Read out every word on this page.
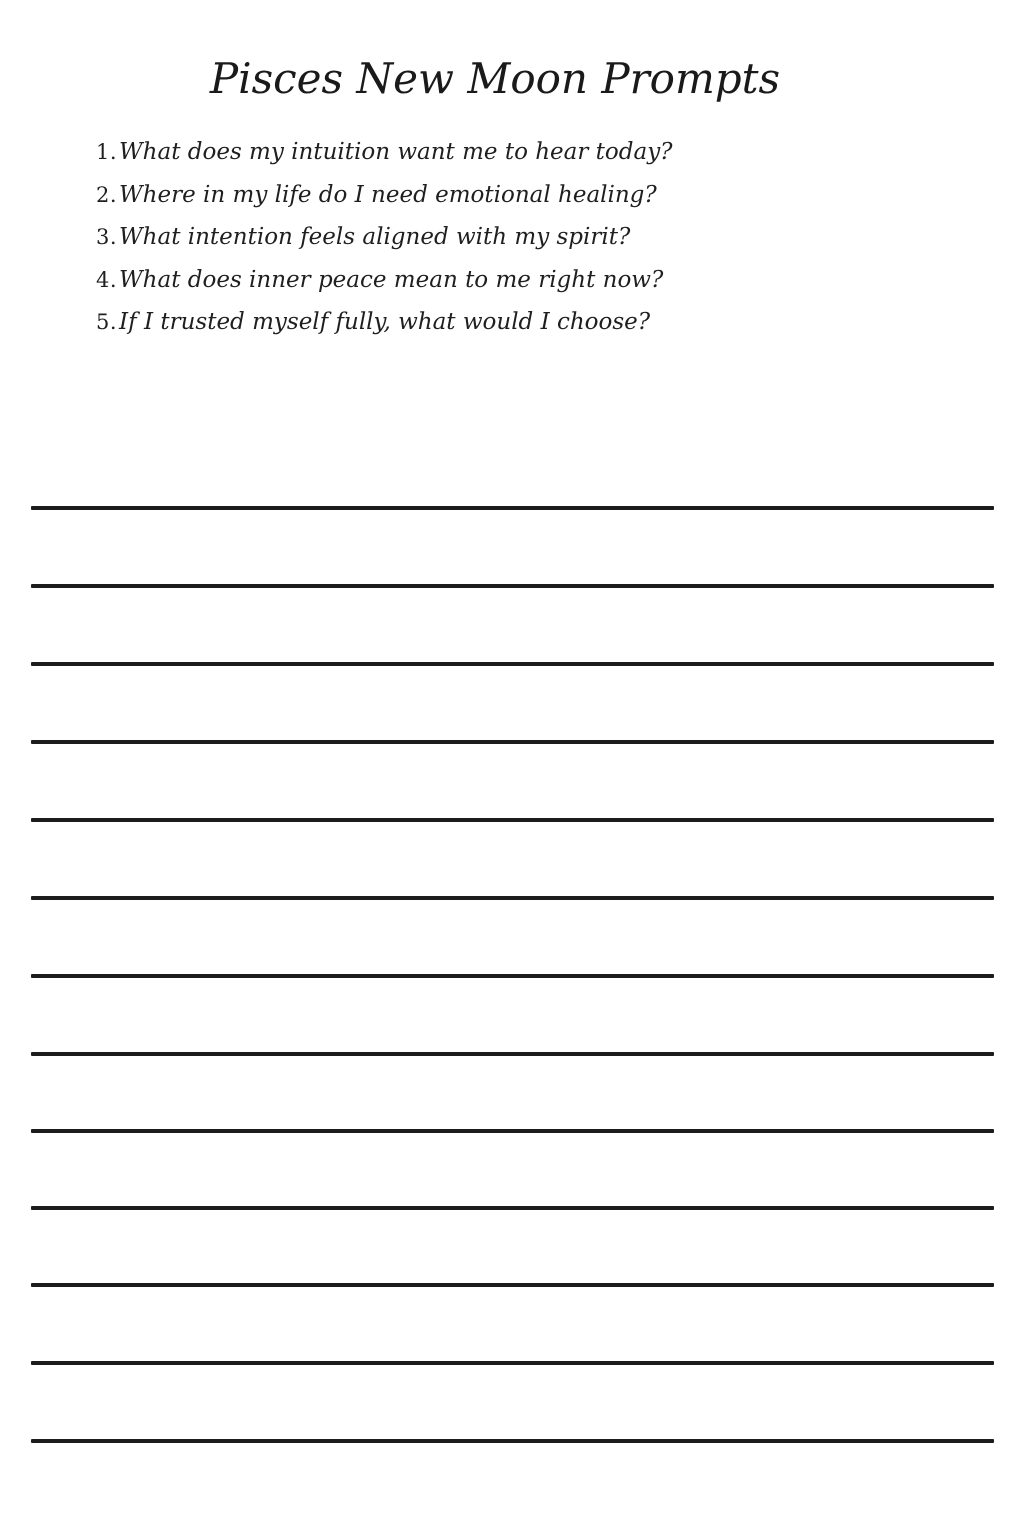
Pisces New Moon Prompts
1. What does my intuition want me to hear today?
2. Where in my life do I need emotional healing?
3. What intention feels aligned with my spirit?
4. What does inner peace mean to me right now?
5. If I trusted myself fully, what would I choose?
